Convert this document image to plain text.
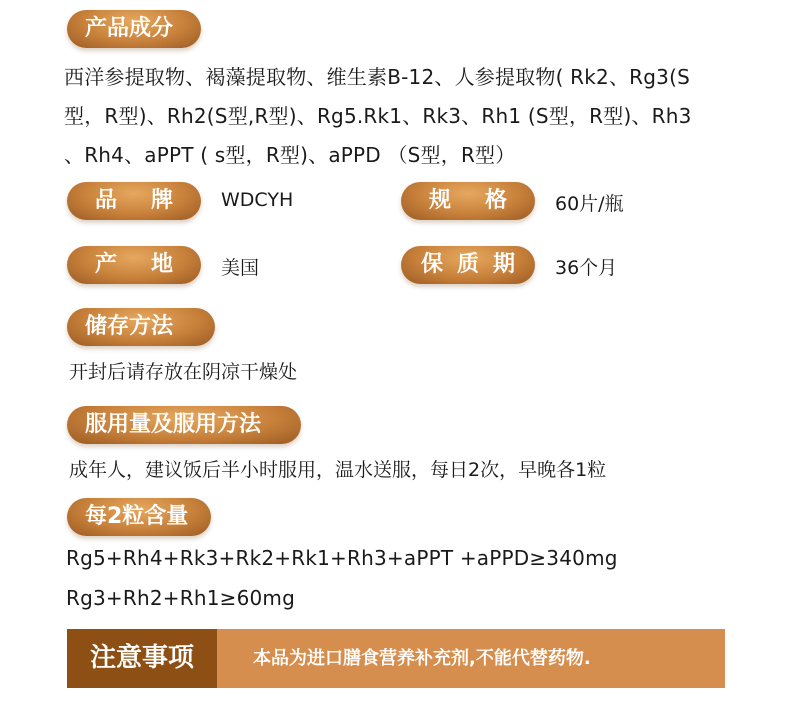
产品成分
西洋参提取物、褐藻提取物、维生素B-12、人参提取物( Rk2、Rg3(S
型，R型)、Rh2(S型,R型)、Rg5.Rk1、Rk3、Rh1 (S型，R型)、Rh3
、Rh4、aPPT ( s型，R型)、aPPD （S型，R型）
品 牌	WDCYH	规 格	60片/瓶
产 地	美国	保 质 期 36个月
储存方法
开封后请存放在阴凉干燥处
服用量及服用方法
成年人，建议饭后半小时服用，温水送服，每日2次，早晚各1粒
每2粒含量
Rg5+Rh4+Rk3+Rk2+Rk1+Rh3+aPPT +aPPD≥340mg
Rg3+Rh2+Rh1≥60mg
注意事项	本品为进口膳食营养补充剂,不能代替药物.
